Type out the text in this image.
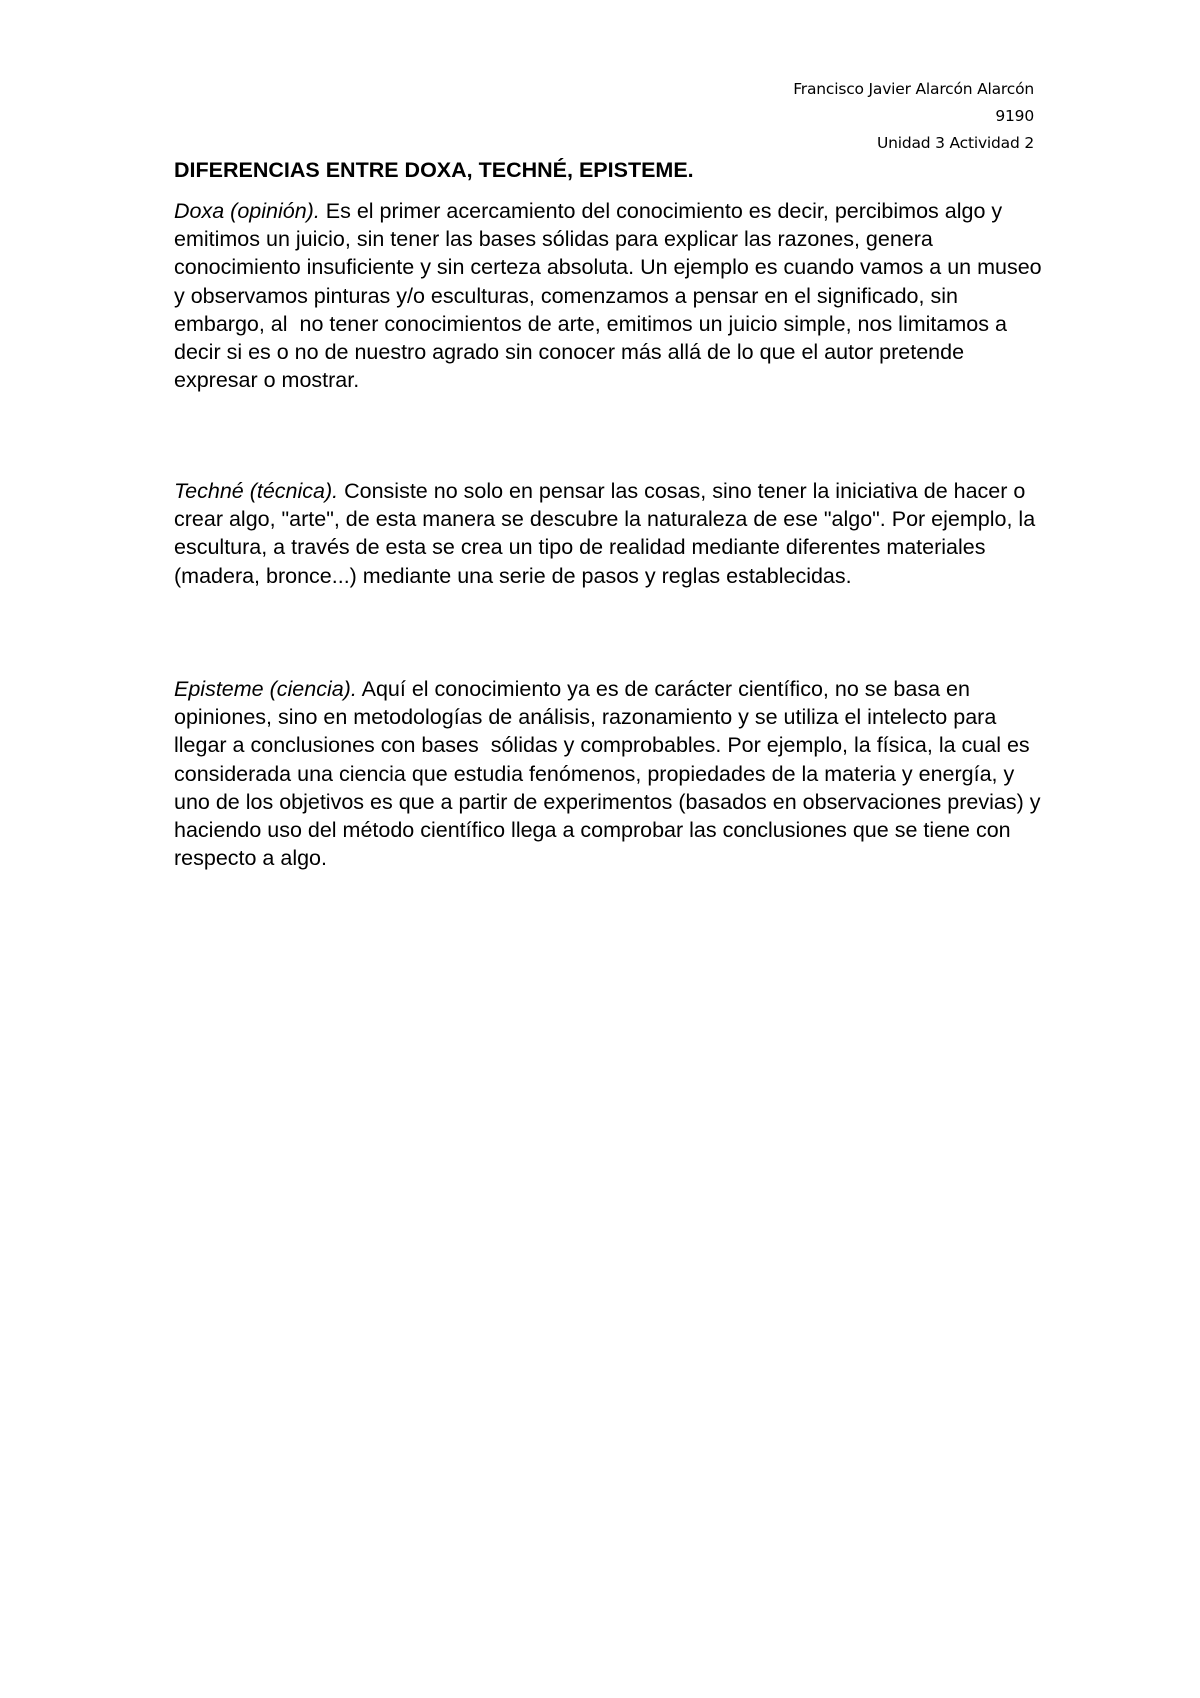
Francisco Javier Alarcón Alarcón
9190
Unidad 3 Actividad 2
DIFERENCIAS ENTRE DOXA, TECHNÉ, EPISTEME.

Doxa (opinión). Es el primer acercamiento del conocimiento es decir, percibimos algo y emitimos un juicio, sin tener las bases sólidas para explicar las razones, genera conocimiento insuficiente y sin certeza absoluta. Un ejemplo es cuando vamos a un museo y observamos pinturas y/o esculturas, comenzamos a pensar en el significado, sin embargo, al  no tener conocimientos de arte, emitimos un juicio simple, nos limitamos a decir si es o no de nuestro agrado sin conocer más allá de lo que el autor pretende expresar o mostrar.

Techné (técnica). Consiste no solo en pensar las cosas, sino tener la iniciativa de hacer o crear algo, "arte", de esta manera se descubre la naturaleza de ese "algo". Por ejemplo, la escultura, a través de esta se crea un tipo de realidad mediante diferentes materiales (madera, bronce...) mediante una serie de pasos y reglas establecidas.

Episteme (ciencia). Aquí el conocimiento ya es de carácter científico, no se basa en opiniones, sino en metodologías de análisis, razonamiento y se utiliza el intelecto para llegar a conclusiones con bases  sólidas y comprobables. Por ejemplo, la física, la cual es considerada una ciencia que estudia fenómenos, propiedades de la materia y energía, y uno de los objetivos es que a partir de experimentos (basados en observaciones previas) y haciendo uso del método científico llega a comprobar las conclusiones que se tiene con respecto a algo.
